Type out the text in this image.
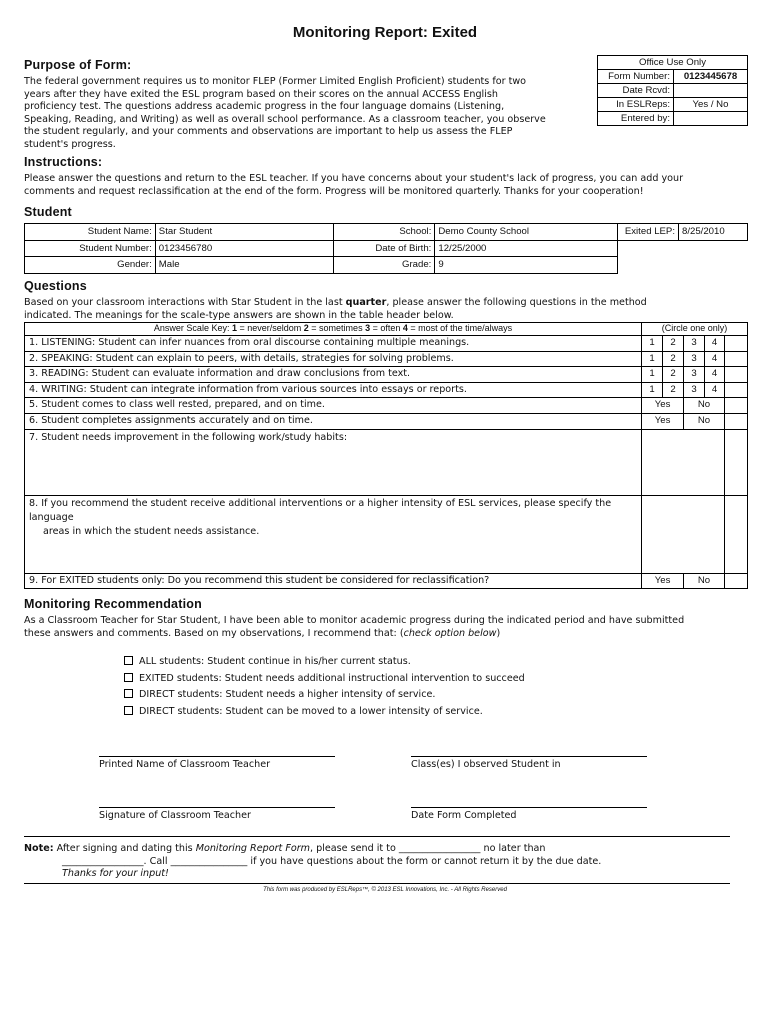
Monitoring Report: Exited
Purpose of Form:
The federal government requires us to monitor FLEP (Former Limited English Proficient) students for two
years after they have exited the ESL program based on their scores on the annual ACCESS English
proficiency test. The questions address academic progress in the four language domains (Listening,
Speaking, Reading, and Writing) as well as overall school performance. As a classroom teacher, you observe
the student regularly, and your comments and observations are important to help us assess the FLEP
student's progress.
Office Use Only	
Form Number:	0123445678
Date Rcvd:	
In ESLReps:	Yes / No
Entered by:	
Instructions:
Please answer the questions and return to the ESL teacher. If you have concerns about your student's lack of progress, you can add your
comments and request reclassification at the end of the form. Progress will be monitored quarterly. Thanks for your cooperation!
Student
Student Name:	Star Student	School:	Demo County School	Exited LEP:	8/25/2010
Student Number:	0123456780	Date of Birth:	12/25/2000		
Gender:	Male	Grade:	9		
Questions
Based on your classroom interactions with Star Student in the last quarter, please answer the following questions in the method
indicated. The meanings for the scale-type answers are shown in the table header below.
Answer Scale Key: 1 = never/seldom 2 = sometimes 3 = often 4 = most of the time/always	(Circle one only)				
1. LISTENING: Student can infer nuances from oral discourse containing multiple meanings.	1	2	3	4	
2. SPEAKING: Student can explain to peers, with details, strategies for solving problems.	1	2	3	4	
3. READING: Student can evaluate information and draw conclusions from text.	1	2	3	4	
4. WRITING: Student can integrate information from various sources into essays or reports.	1	2	3	4	
5. Student comes to class well rested, prepared, and on time.	Yes		No		
6. Student completes assignments accurately and on time.	Yes		No		
7. Student needs improvement in the following work/study habits:					

8. If you recommend the student receive additional interventions or a higher intensity of ESL services, please specify the language
areas in which the student needs assistance.					

9. For EXITED students only: Do you recommend this student be considered for reclassification?	Yes		No		
Monitoring Recommendation
As a Classroom Teacher for Star Student, I have been able to monitor academic progress during the indicated period and have submitted
these answers and comments. Based on my observations, I recommend that: (check option below)
ALL students: Student continue in his/her current status.
EXITED students: Student needs additional instructional intervention to succeed
DIRECT students: Student needs a higher intensity of service.
DIRECT students: Student can be moved to a lower intensity of service.
Printed Name of Classroom Teacher	Class(es) I observed Student in
Signature of Classroom Teacher	Date Form Completed
Note: After signing and dating this Monitoring Report Form, please send it to _________________ no later than
_________________. Call ________________ if you have questions about the form or cannot return it by the due date.
Thanks for your input!
This form was produced by ESLReps™, © 2013 ESL Innovations, Inc. - All Rights Reserved
